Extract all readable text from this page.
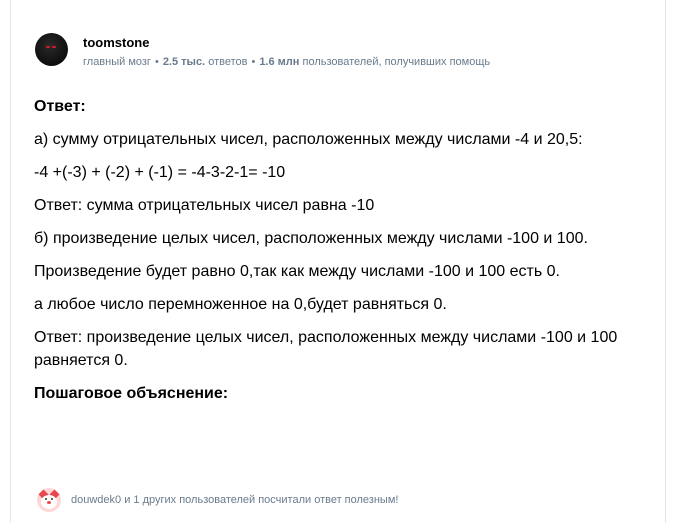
toomstone
главный мозг • 2.5 тыс. ответов • 1.6 млн пользователей, получивших помощь

Ответ:

а) сумму отрицательных чисел, расположенных между числами -4 и 20,5:

-4 +(-3) + (-2) + (-1) = -4-3-2-1= -10

Ответ: сумма отрицательных чисел равна -10

б) произведение целых чисел, расположенных между числами -100 и 100.

Произведение будет равно 0,так как между числами -100 и 100 есть 0.

а любое число перемноженное на 0,будет равняться 0.

Ответ: произведение целых чисел, расположенных между числами -100 и 100 равняется 0.

Пошаговое объяснение:

douwdek0 и 1 других пользователей посчитали ответ полезным!
